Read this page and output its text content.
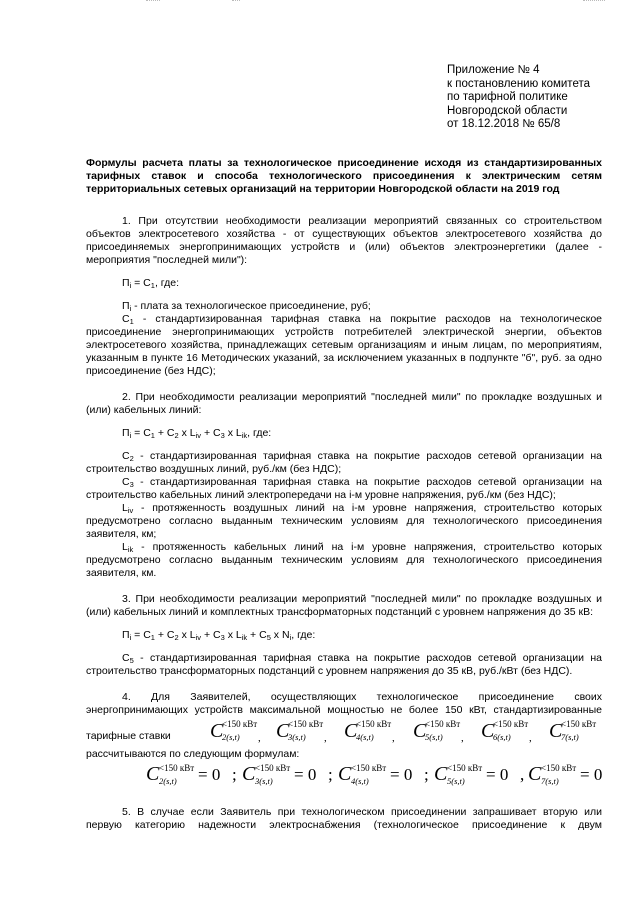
Приложение № 4
к постановлению комитета
по тарифной политике
Новгородской области
от 18.12.2018 № 65/8
Формулы расчета платы за технологическое присоединение исходя из стандартизированных тарифных ставок и способа технологического присоединения к электрическим сетям территориальных сетевых организаций на территории Новгородской области на 2019 год

1. При отсутствии необходимости реализации мероприятий связанных со строительством объектов электросетевого хозяйства - от существующих объектов электросетевого хозяйства до присоединяемых энергопринимающих устройств и (или) объектов электроэнергетики (далее - мероприятия "последней мили"):

$П_i = С_1$, где:

$П_i$ - плата за технологическое присоединение, руб;

$С_1$ - стандартизированная тарифная ставка на покрытие расходов на технологическое присоединение энергопринимающих устройств потребителей электрической энергии, объектов электросетевого хозяйства, принадлежащих сетевым организациям и иным лицам, по мероприятиям, указанным в пункте 16 Методических указаний, за исключением указанных в подпункте "б", руб. за одно присоединение (без НДС);

2. При необходимости реализации мероприятий "последней мили" по прокладке воздушных и (или) кабельных линий:

$П_i = С_1 + С_2$ x $L_{iv} + С_3$ x $L_{ik}$, где:

$С_2$ - стандартизированная тарифная ставка на покрытие расходов сетевой организации на строительство воздушных линий, руб./км (без НДС);

$С_3$ - стандартизированная тарифная ставка на покрытие расходов сетевой организации на строительство кабельных линий электропередачи на i-м уровне напряжения, руб./км (без НДС);

$L_{iv}$ - протяженность воздушных линий на i-м уровне напряжения, строительство которых предусмотрено согласно выданным техническим условиям для технологического присоединения заявителя, км;

$L_{ik}$ - протяженность кабельных линий на i-м уровне напряжения, строительство которых предусмотрено согласно выданным техническим условиям для технологического присоединения заявителя, км.

3. При необходимости реализации мероприятий "последней мили" по прокладке воздушных и (или) кабельных линий и комплектных трансформаторных подстанций с уровнем напряжения до 35 кВ:

$П_i = С_1 + С_2$ x $L_{iv} + С_3$ x $L_{ik} + С_5$ x $N_i$, где:

$С_5$ - стандартизированная тарифная ставка на покрытие расходов сетевой организации на строительство трансформаторных подстанций с уровнем напряжения до 35 кВ, руб./кВт (без НДС).

4. Для Заявителей, осуществляющих технологическое присоединение своих энергопринимающих устройств максимальной мощностью не более 150 кВт, стандартизированные

тарифные ставки С
<150 кВт
2(s,t) , С
<150 кВт
3(s,t) , С
<150 кВт
4(s,t) , С
<150 кВт
5(s,t) , С
<150 кВт
6(s,t) , С
<150 кВт
7(s,t)

рассчитываются по следующим формулам:

С <150 кВт
2(s,t) = 0 ; С <150 кВт
3(s,t) = 0 ; С <150 кВт
4(s,t) = 0 ; С <150 кВт
5(s,t) = 0 , С <150 кВт
7(s,t) = 0

5. В случае если Заявитель при технологическом присоединении запрашивает вторую или первую категорию надежности электроснабжения (технологическое присоединение к двум
